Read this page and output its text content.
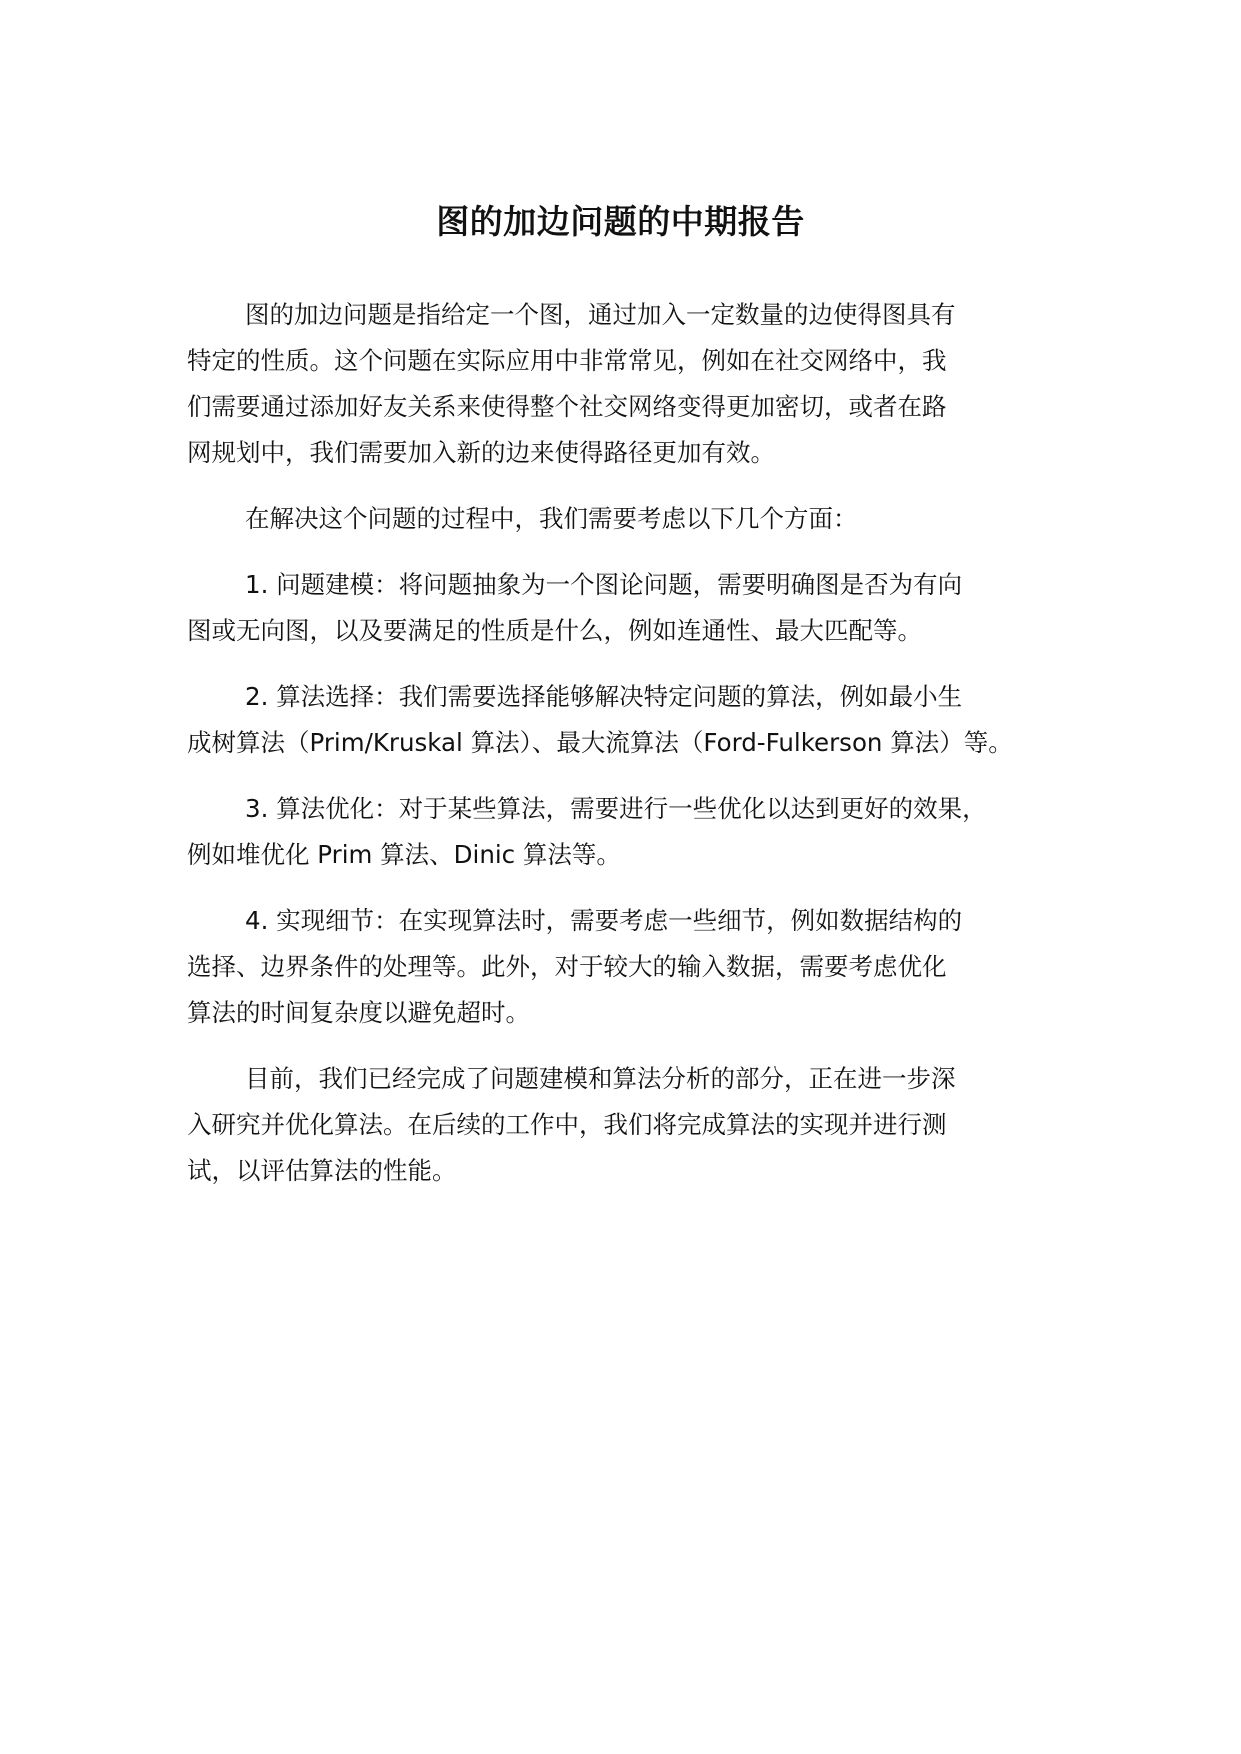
图的加边问题的中期报告

图的加边问题是指给定一个图，通过加入一定数量的边使得图具有
特定的性质。这个问题在实际应用中非常常见，例如在社交网络中，我
们需要通过添加好友关系来使得整个社交网络变得更加密切，或者在路
网规划中，我们需要加入新的边来使得路径更加有效。

在解决这个问题的过程中，我们需要考虑以下几个方面：

1. 问题建模：将问题抽象为一个图论问题，需要明确图是否为有向
图或无向图，以及要满足的性质是什么，例如连通性、最大匹配等。

2. 算法选择：我们需要选择能够解决特定问题的算法，例如最小生
成树算法（Prim/Kruskal 算法）、最大流算法（Ford-Fulkerson 算法）等。

3. 算法优化：对于某些算法，需要进行一些优化以达到更好的效果，
例如堆优化 Prim 算法、Dinic 算法等。

4. 实现细节：在实现算法时，需要考虑一些细节，例如数据结构的
选择、边界条件的处理等。此外，对于较大的输入数据，需要考虑优化
算法的时间复杂度以避免超时。

目前，我们已经完成了问题建模和算法分析的部分，正在进一步深
入研究并优化算法。在后续的工作中，我们将完成算法的实现并进行测
试，以评估算法的性能。
